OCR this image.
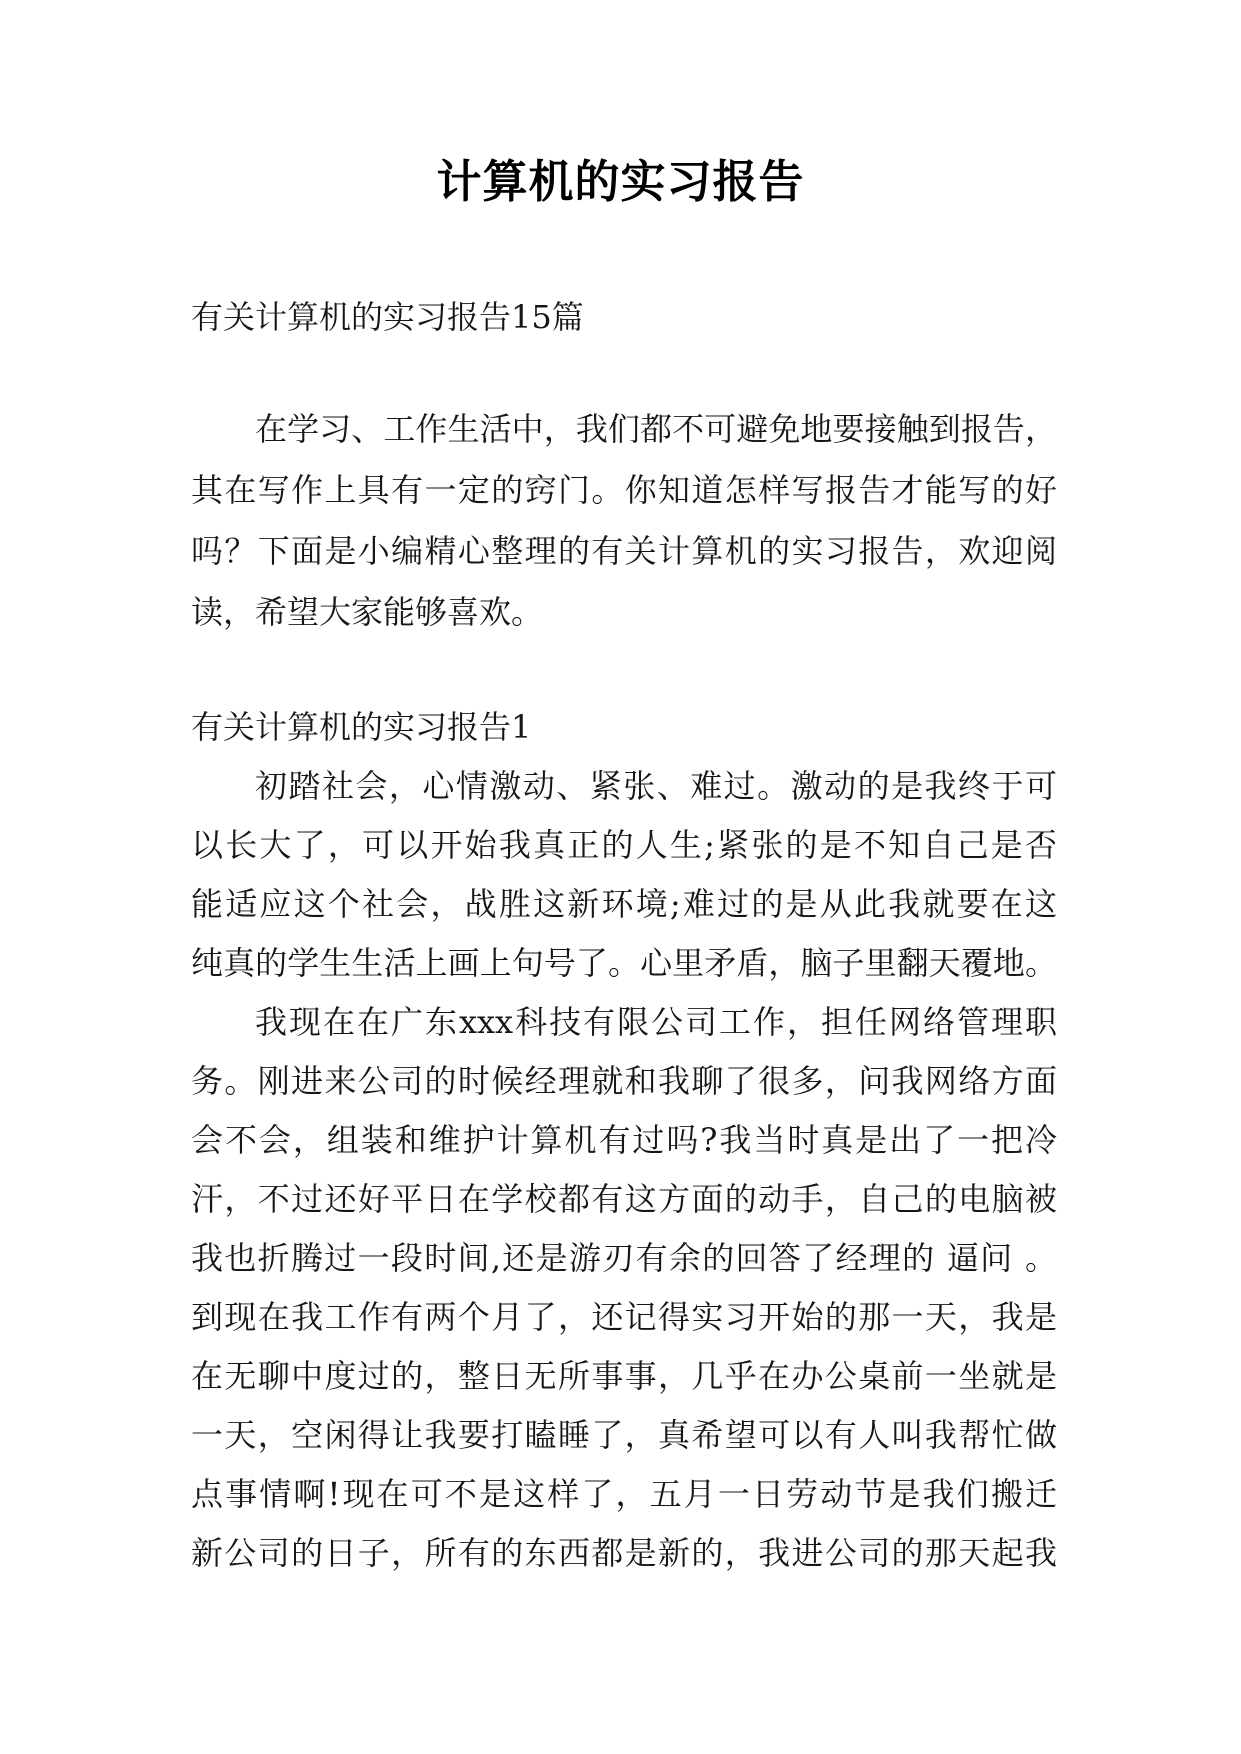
计算机的实习报告
有关计算机的实习报告15篇
在学习、工作生活中，我们都不可避免地要接触到报告，
其在写作上具有一定的窍门。你知道怎样写报告才能写的好
吗？下面是小编精心整理的有关计算机的实习报告，欢迎阅
读，希望大家能够喜欢。
有关计算机的实习报告1
初踏社会，心情激动、紧张、难过。激动的是我终于可
以长大了，可以开始我真正的人生;紧张的是不知自己是否
能适应这个社会，战胜这新环境;难过的是从此我就要在这
纯真的学生生活上画上句号了。心里矛盾，脑子里翻天覆地。
我现在在广东xxx科技有限公司工作，担任网络管理职
务。刚进来公司的时候经理就和我聊了很多，问我网络方面
会不会，组装和维护计算机有过吗?我当时真是出了一把冷
汗，不过还好平日在学校都有这方面的动手，自己的电脑被
我也折腾过一段时间,还是游刃有余的回答了经理的 逼问 。
到现在我工作有两个月了，还记得实习开始的那一天，我是
在无聊中度过的，整日无所事事，几乎在办公桌前一坐就是
一天，空闲得让我要打瞌睡了，真希望可以有人叫我帮忙做
点事情啊!现在可不是这样了，五月一日劳动节是我们搬迁
新公司的日子，所有的东西都是新的，我进公司的那天起我
